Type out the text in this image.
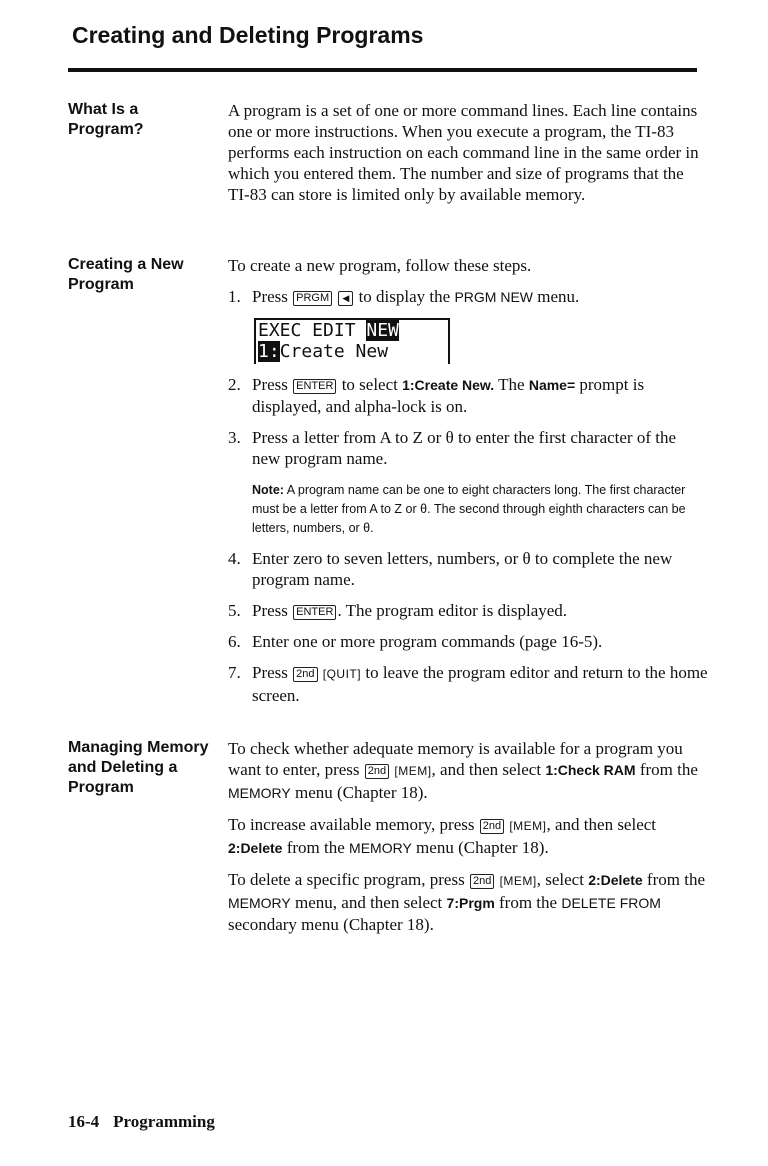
Creating and Deleting Programs
What Is a Program?

A program is a set of one or more command lines. Each line contains one or more instructions. When you execute a program, the TI-83 performs each instruction on each command line in the same order in which you entered them. The number and size of programs that the TI-83 can store is limited only by available memory.

Creating a New Program

To create a new program, follow these steps.

1. Press PRGM ◀ to display the PRGM NEW menu.
EXEC EDIT NEW
1:Create New
2. Press ENTER to select 1:Create New. The Name= prompt is displayed, and alpha-lock is on.
3. Press a letter from A to Z or θ to enter the first character of the new program name.
Note: A program name can be one to eight characters long. The first character must be a letter from A to Z or θ. The second through eighth characters can be letters, numbers, or θ.
4. Enter zero to seven letters, numbers, or θ to complete the new program name.
5. Press ENTER . The program editor is displayed.
6. Enter one or more program commands (page 16-5).
7. Press 2nd [QUIT] to leave the program editor and return to the home screen.
Managing Memory and Deleting a Program

To check whether adequate memory is available for a program you want to enter, press 2nd [MEM], and then select 1:Check RAM from the MEMORY menu (Chapter 18).

To increase available memory, press 2nd [MEM], and then select 2:Delete from the MEMORY menu (Chapter 18).

To delete a specific program, press 2nd [MEM], select 2:Delete from the MEMORY menu, and then select 7:Prgm from the DELETE FROM secondary menu (Chapter 18).

16-4 Programming
